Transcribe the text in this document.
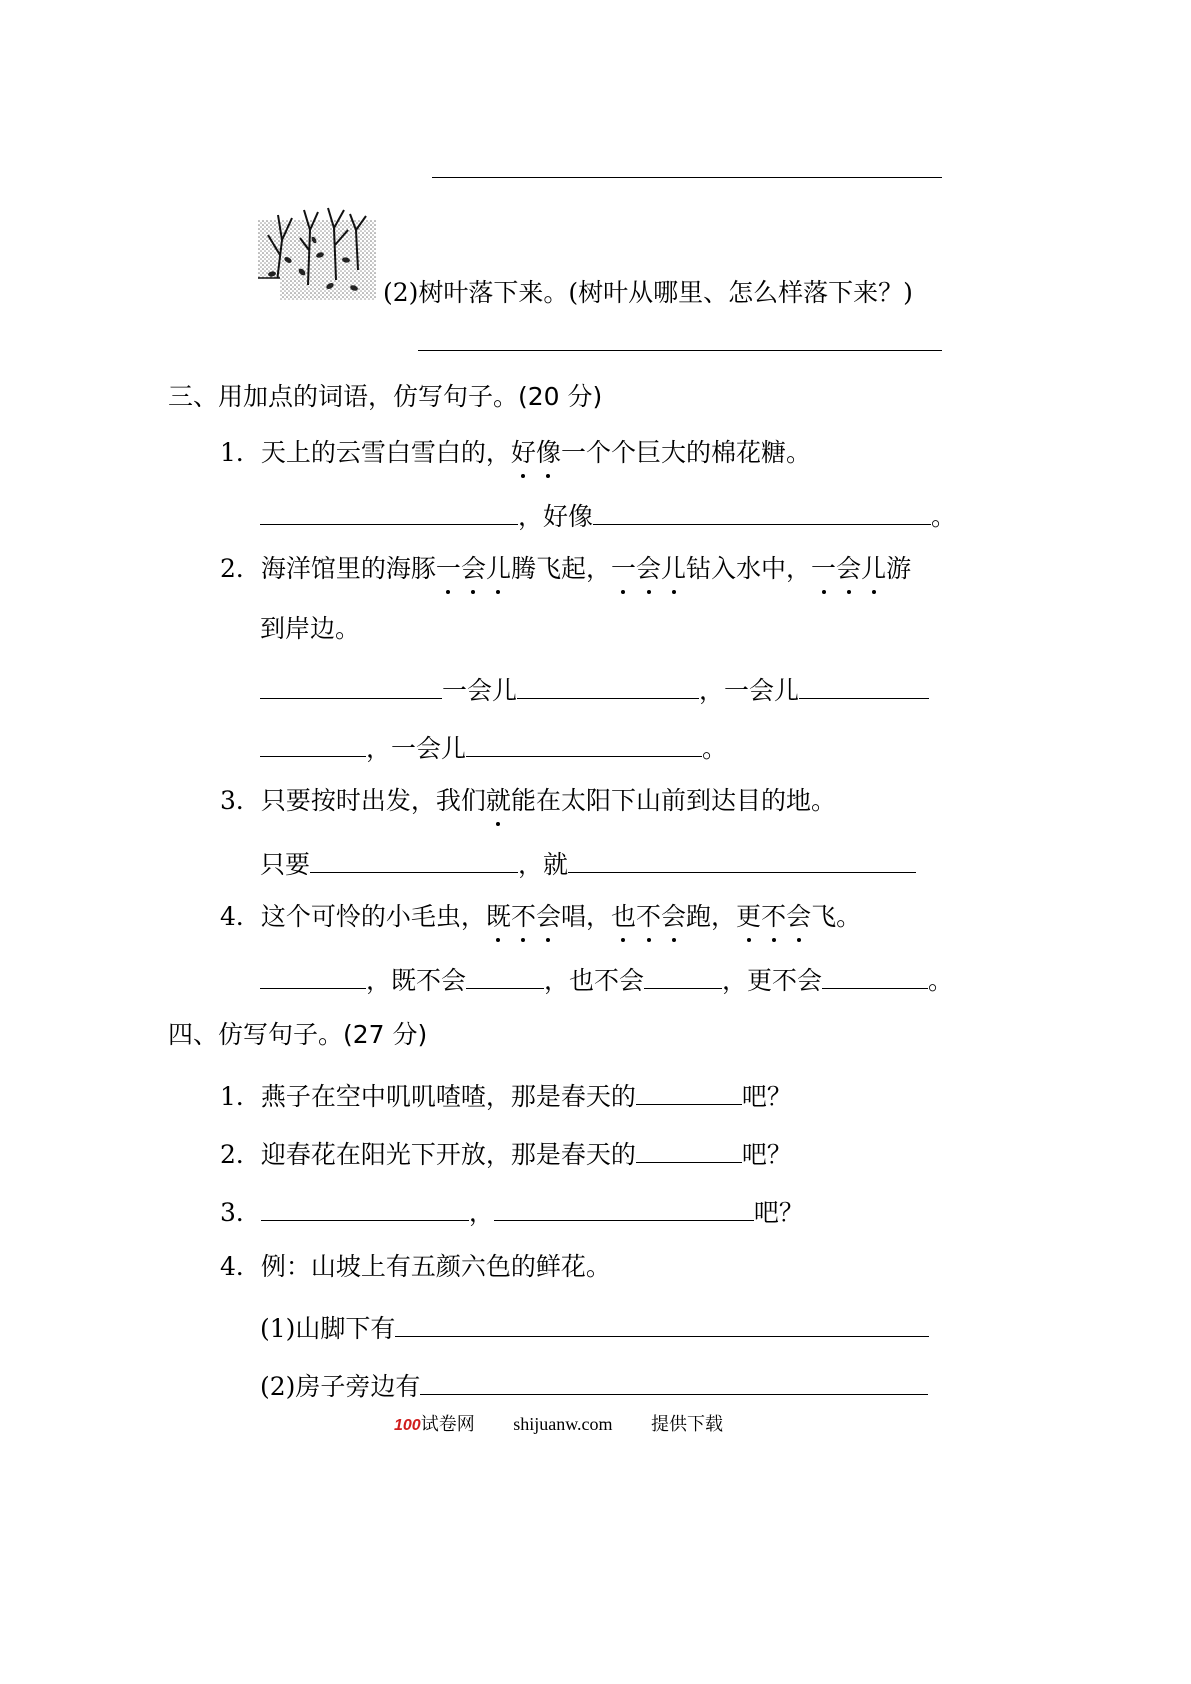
(2)树叶落下来。(树叶从哪里、怎么样落下来？)
三、用加点的词语，仿写句子。(20 分)
1．天上的云雪白雪白的，好像一个个巨大的棉花糖。
，好像	。
2．海洋馆里的海豚一会儿腾飞起，一会儿钻入水中，一会儿游
到岸边。
一会儿	，一会儿
，一会儿	。
3．只要按时出发，我们就能在太阳下山前到达目的地。
只要	，就
4．这个可怜的小毛虫，既不会唱，也不会跑，更不会飞。
，既不会	，也不会	，更不会	。
四、仿写句子。(27 分)
1．燕子在空中叽叽喳喳，那是春天的	吧？
2．迎春花在阳光下开放，那是春天的	吧？
3．	，	吧？
4．例：山坡上有五颜六色的鲜花。
(1)山脚下有
(2)房子旁边有
100试卷网 shijuanw.com 提供下载
